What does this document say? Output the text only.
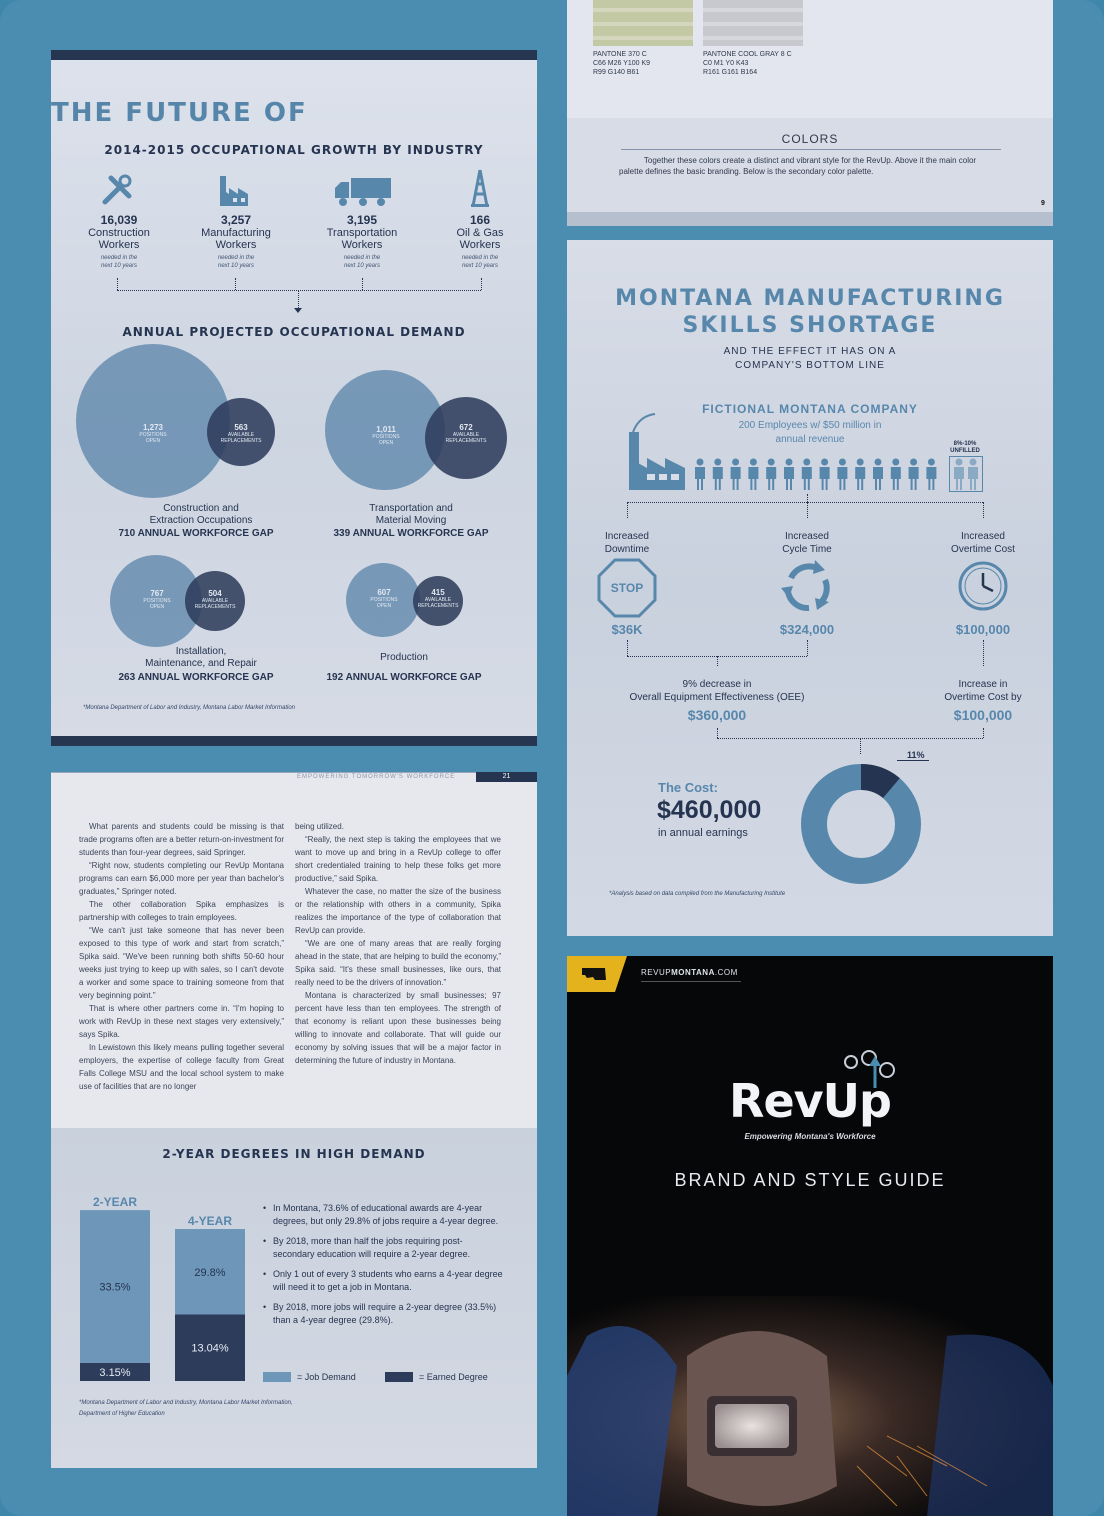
THE FUTURE OF
2014-2015 OCCUPATIONAL GROWTH BY INDUSTRY
16,039
Construction
Workers
needed in the
next 10 years
3,257
Manufacturing
Workers
needed in the
next 10 years
3,195
Transportation
Workers
needed in the
next 10 years
166
Oil & Gas
Workers
needed in the
next 10 years
ANNUAL PROJECTED OCCUPATIONAL DEMAND
1,273
POSITIONS
OPEN
563
AVAILABLE
REPLACEMENTS
Construction and
Extraction Occupations
710 ANNUAL WORKFORCE GAP
1,011
POSITIONS
OPEN
672
AVAILABLE
REPLACEMENTS
Transportation and
Material Moving
339 ANNUAL WORKFORCE GAP
767
POSITIONS
OPEN
504
AVAILABLE
REPLACEMENTS
Installation,
Maintenance, and Repair
263 ANNUAL WORKFORCE GAP
607
POSITIONS
OPEN
415
AVAILABLE
REPLACEMENTS
Production
192 ANNUAL WORKFORCE GAP
*Montana Department of Labor and Industry, Montana Labor Market Information
PANTONE 370 C
C66 M26 Y100 K9
R99 G140 B61
PANTONE COOL GRAY 8 C
C0 M1 Y0 K43
R161 G161 B164
COLORS
Together these colors create a distinct and vibrant style for the RevUp. Above it the main color
palette defines the basic branding. Below is the secondary color palette.
9
MONTANA MANUFACTURING
SKILLS SHORTAGE
AND THE EFFECT IT HAS ON A
COMPANY'S BOTTOM LINE
FICTIONAL MONTANA COMPANY
200 Employees w/ $50 million in
annual revenue	8%-10%
UNFILLED
Increased
Downtime
Increased
Cycle Time
Increased
Overtime Cost
STOP
$36K	$324,000	$100,000
9% decrease in
Overall Equipment Effectiveness (OEE)
$360,000
Increase in
Overtime Cost by
$100,000
11%
The Cost:
$460,000
in annual earnings
*Analysis based on data compiled from the Manufacturing Institute
EMPOWERING TOMORROW'S WORKFORCE	21

What parents and students could be missing is that trade programs often are a better return-on-investment for students than four-year degrees, said Springer.

“Right now, students completing our RevUp Montana programs can earn $6,000 more per year than bachelor's graduates,” Springer noted.

The other collaboration Spika emphasizes is partnership with colleges to train employees.

“We can't just take someone that has never been exposed to this type of work and start from scratch,” Spika said. “We've been running both shifts 50-60 hour weeks just trying to keep up with sales, so I can't devote a worker and some space to training someone from that very beginning point.”

That is where other partners come in. “I'm hoping to work with RevUp in these next stages very extensively,” says Spika.

In Lewistown this likely means pulling together several employers, the expertise of college faculty from Great Falls College MSU and the local school system to make use of facilities that are no longer

being utilized.

“Really, the next step is taking the employees that we want to move up and bring in a RevUp college to offer short credentialed training to help these folks get more productive,” said Spika.

Whatever the case, no matter the size of the business or the relationship with others in a community, Spika realizes the importance of the type of collaboration that RevUp can provide.

“We are one of many areas that are really forging ahead in the state, that are helping to build the economy,” Spika said. “It's these small businesses, like ours, that really need to be the drivers of innovation.”

Montana is characterized by small businesses; 97 percent have less than ten employees. The strength of that economy is reliant upon these businesses being willing to innovate and collaborate. That will guide our economy by solving issues that will be a major factor in determining the future of industry in Montana.

2-YEAR DEGREES IN HIGH DEMAND
2-YEAR
33.5%
3.15%
4-YEAR
29.8%
13.04%
• In Montana, 73.6% of educational awards are 4-year degrees, but only 29.8% of jobs require a 4-year degree.
• By 2018, more than half the jobs requiring post-secondary education will require a 2-year degree.
• Only 1 out of every 3 students who earns a 4-year degree will need it to get a job in Montana.
• By 2018, more jobs will require a 2-year degree (33.5%) than a 4-year degree (29.8%).
= Job Demand	= Earned Degree
*Montana Department of Labor and Industry, Montana Labor Market Information,
Department of Higher Education
REVUPMONTANA.COM
RevUp
Empowering Montana's Workforce
BRAND AND STYLE GUIDE
